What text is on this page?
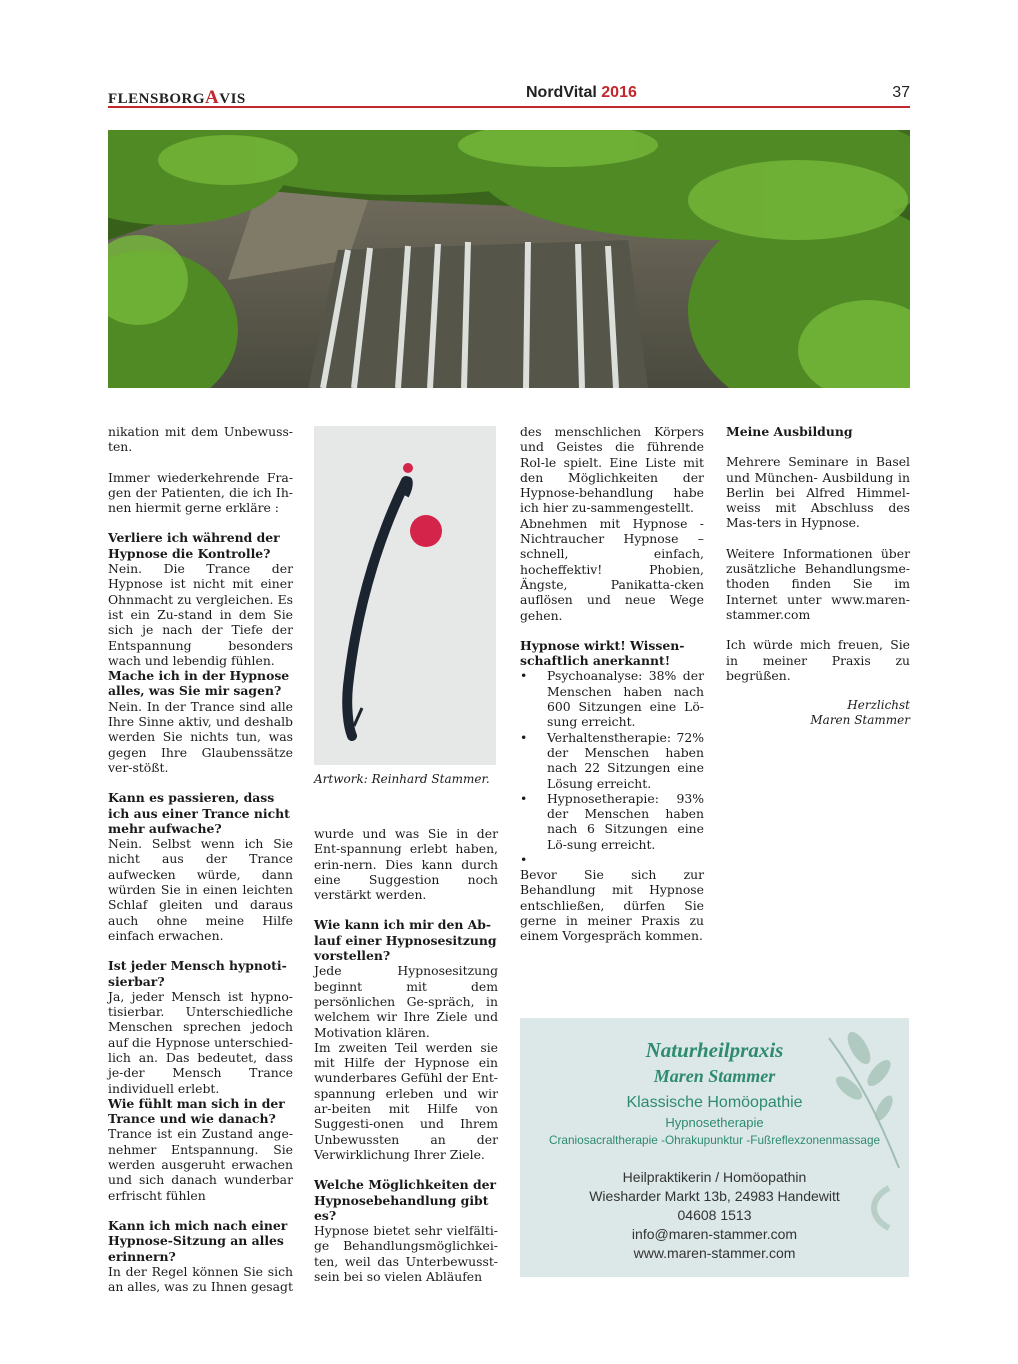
FLENSBORGAVIS	NordVital 2016	37

nikation mit dem Unbewuss-ten.

Immer wiederkehrende Fra-gen der Patienten, die ich Ih-nen hiermit gerne erkläre :

Verliere ich während der Hypnose die Kontrolle?

Nein. Die Trance der Hypnose ist nicht mit einer Ohnmacht zu vergleichen. Es ist ein Zu-stand in dem Sie sich je nach der Tiefe der Entspannung besonders wach und lebendig fühlen.

Mache ich in der Hypnose alles, was Sie mir sagen?

Nein. In der Trance sind alle Ihre Sinne aktiv, und deshalb werden Sie nichts tun, was gegen Ihre Glaubenssätze ver-stößt.

Kann es passieren, dass ich aus einer Trance nicht mehr aufwache?

Nein. Selbst wenn ich Sie nicht aus der Trance aufwecken würde, dann würden Sie in einen leichten Schlaf gleiten und daraus auch ohne meine Hilfe einfach erwachen.

Ist jeder Mensch hypnoti-sierbar?

Ja, jeder Mensch ist hypno-tisierbar. Unterschiedliche Menschen sprechen jedoch auf die Hypnose unterschied-lich an. Das bedeutet, dass je-der Mensch Trance individuell erlebt.

Wie fühlt man sich in der Trance und wie danach?

Trance ist ein Zustand ange-nehmer Entspannung. Sie werden ausgeruht erwachen und sich danach wunderbar erfrischt fühlen

Kann ich mich nach einer Hypnose-Sitzung an alles erinnern?

In der Regel können Sie sich an alles, was zu Ihnen gesagt

Artwork: Reinhard Stammer.

wurde und was Sie in der Ent-spannung erlebt haben, erin-nern. Dies kann durch eine Suggestion noch verstärkt werden.

Wie kann ich mir den Ab-lauf einer Hypnosesitzung vorstellen?

Jede Hypnosesitzung beginnt mit dem persönlichen Ge-spräch, in welchem wir Ihre Ziele und Motivation klären.

Im zweiten Teil werden sie mit Hilfe der Hypnose ein wunderbares Gefühl der Ent-spannung erleben und wir ar-beiten mit Hilfe von Suggesti-onen und Ihrem Unbewussten an der Verwirklichung Ihrer Ziele.

Welche Möglichkeiten der Hypnosebehandlung gibt es?

Hypnose bietet sehr vielfälti-ge Behandlungsmöglichkei-ten, weil das Unterbewusst-sein bei so vielen Abläufen

des menschlichen Körpers und Geistes die führende Rol-le spielt. Eine Liste mit den Möglichkeiten der Hypnose-behandlung habe ich hier zu-sammengestellt.

Abnehmen mit Hypnose -Nichtraucher Hypnose – schnell, einfach, hocheffektiv! Phobien, Ängste, Panikatta-cken auflösen und neue Wege gehen.

Hypnose wirkt! Wissen-schaftlich anerkannt!

• Psychoanalyse: 38% der Menschen haben nach 600 Sitzungen eine Lö-sung erreicht.
• Verhaltenstherapie: 72% der Menschen haben nach 22 Sitzungen eine Lösung erreicht.
• Hypnosetherapie: 93% der Menschen haben nach 6 Sitzungen eine Lö-sung erreicht.
•

Bevor Sie sich zur Behandlung mit Hypnose entschließen, dürfen Sie gerne in meiner Praxis zu einem Vorgespräch kommen.

Meine Ausbildung

Mehrere Seminare in Basel und München- Ausbildung in Berlin bei Alfred Himmel-weiss mit Abschluss des Mas-ters in Hypnose.

Weitere Informationen über zusätzliche Behandlungsme-thoden finden Sie im Internet unter www.maren-stammer.com

Ich würde mich freuen, Sie in meiner Praxis zu begrüßen.

Herzlichst

Maren Stammer

Naturheilpraxis
Maren Stammer
Klassische Homöopathie
Hypnosetherapie
Craniosacraltherapie -Ohrakupunktur -Fußreflexzonenmassage
Heilpraktikerin / Homöopathin
Wiesharder Markt 13b, 24983 Handewitt
04608 1513
info@maren-stammer.com
www.maren-stammer.com
